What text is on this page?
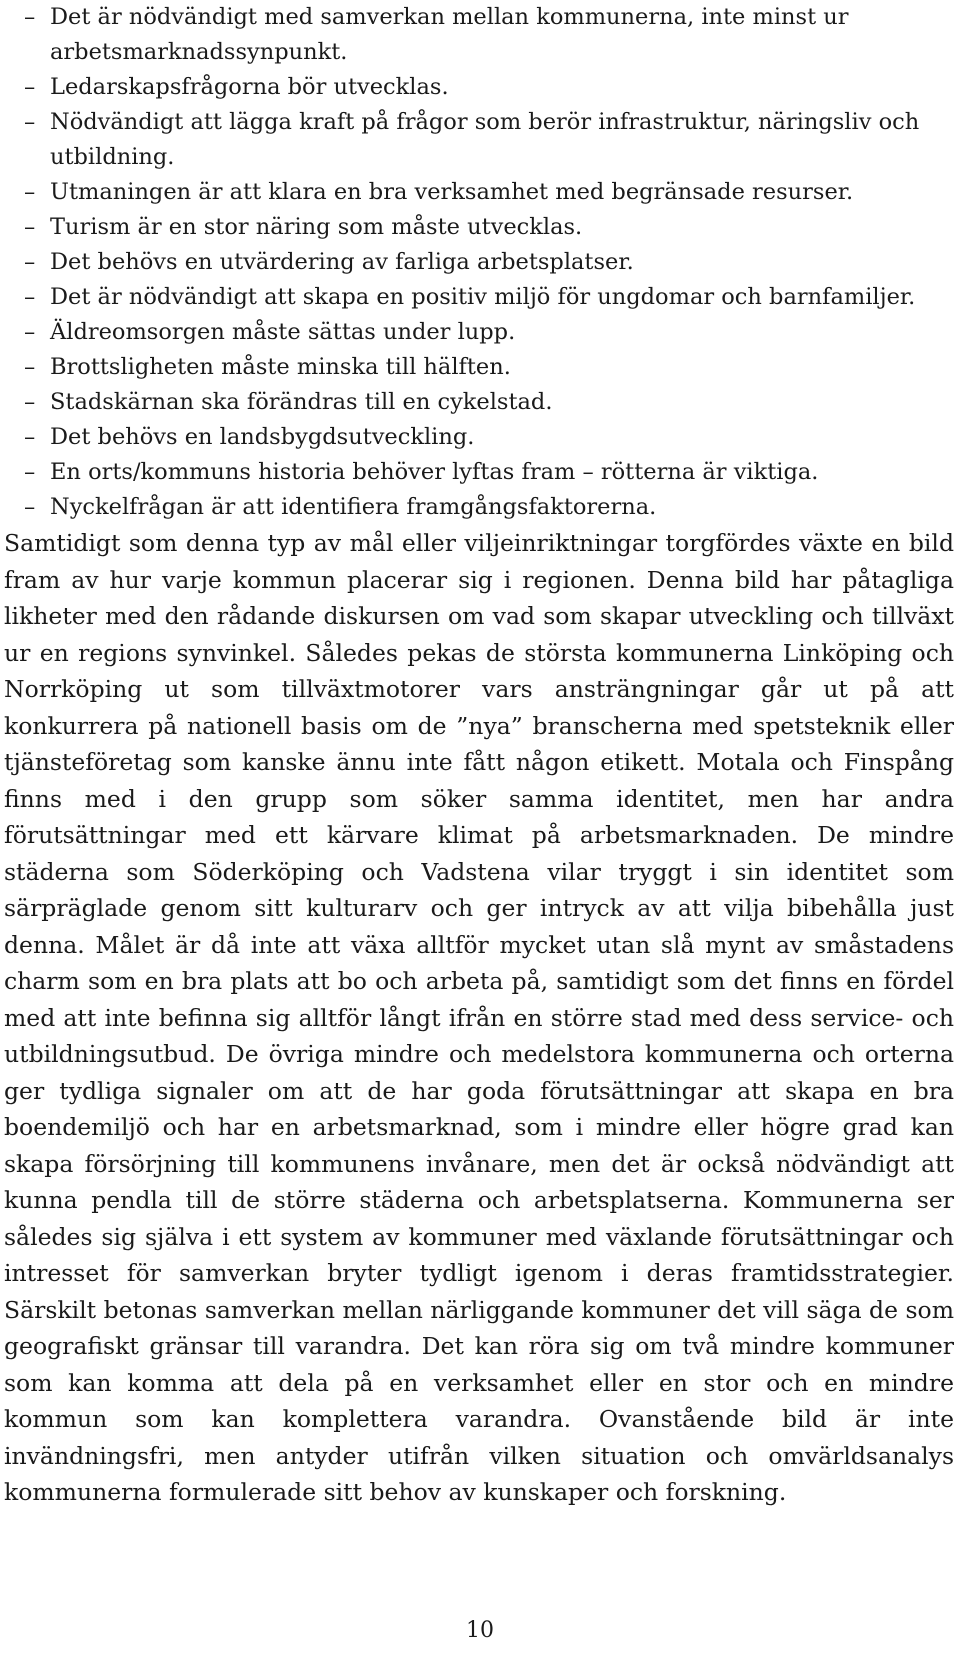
– Det är nödvändigt med samverkan mellan kommunerna, inte minst ur arbetsmarknadssynpunkt.
– Ledarskapsfrågorna bör utvecklas.
– Nödvändigt att lägga kraft på frågor som berör infrastruktur, näringsliv och utbildning.
– Utmaningen är att klara en bra verksamhet med begränsade resurser.
– Turism är en stor näring som måste utvecklas.
– Det behövs en utvärdering av farliga arbetsplatser.
– Det är nödvändigt att skapa en positiv miljö för ungdomar och barnfamiljer.
– Äldreomsorgen måste sättas under lupp.
– Brottsligheten måste minska till hälften.
– Stadskärnan ska förändras till en cykelstad.
– Det behövs en landsbygdsutveckling.
– En orts/kommuns historia behöver lyftas fram – rötterna är viktiga.
– Nyckelfrågan är att identifiera framgångsfaktorerna.

Samtidigt som denna typ av mål eller viljeinriktningar torgfördes växte en bild fram av hur varje kommun placerar sig i regionen. Denna bild har påtagliga likheter med den rådande diskursen om vad som skapar utveckling och tillväxt ur en regions synvinkel. Således pekas de största kommunerna Linköping och Norrköping ut som tillväxtmotorer vars ansträngningar går ut på att konkurrera på nationell basis om de ”nya” branscherna med spetsteknik eller tjänsteföretag som kanske ännu inte fått någon etikett. Motala och Finspång finns med i den grupp som söker samma identitet, men har andra förutsättningar med ett kärvare klimat på arbetsmarknaden. De mindre städerna som Söderköping och Vadstena vilar tryggt i sin identitet som särpräglade genom sitt kulturarv och ger intryck av att vilja bibehålla just denna. Målet är då inte att växa alltför mycket utan slå mynt av småstadens charm som en bra plats att bo och arbeta på, samtidigt som det finns en fördel med att inte befinna sig alltför långt ifrån en större stad med dess service- och utbildningsutbud. De övriga mindre och medelstora kommunerna och orterna ger tydliga signaler om att de har goda förutsättningar att skapa en bra boendemiljö och har en arbetsmarknad, som i mindre eller högre grad kan skapa försörjning till kommunens invånare, men det är också nödvändigt att kunna pendla till de större städerna och arbetsplatserna. Kommunerna ser således sig själva i ett system av kommuner med växlande förutsättningar och intresset för samverkan bryter tydligt igenom i deras framtidsstrategier. Särskilt betonas samverkan mellan närliggande kommuner det vill säga de som geografiskt gränsar till varandra. Det kan röra sig om två mindre kommuner som kan komma att dela på en verksamhet eller en stor och en mindre kommun som kan komplettera varandra. Ovanstående bild är inte invändningsfri, men antyder utifrån vilken situation och omvärldsanalys kommunerna formulerade sitt behov av kunskaper och forskning.

10
